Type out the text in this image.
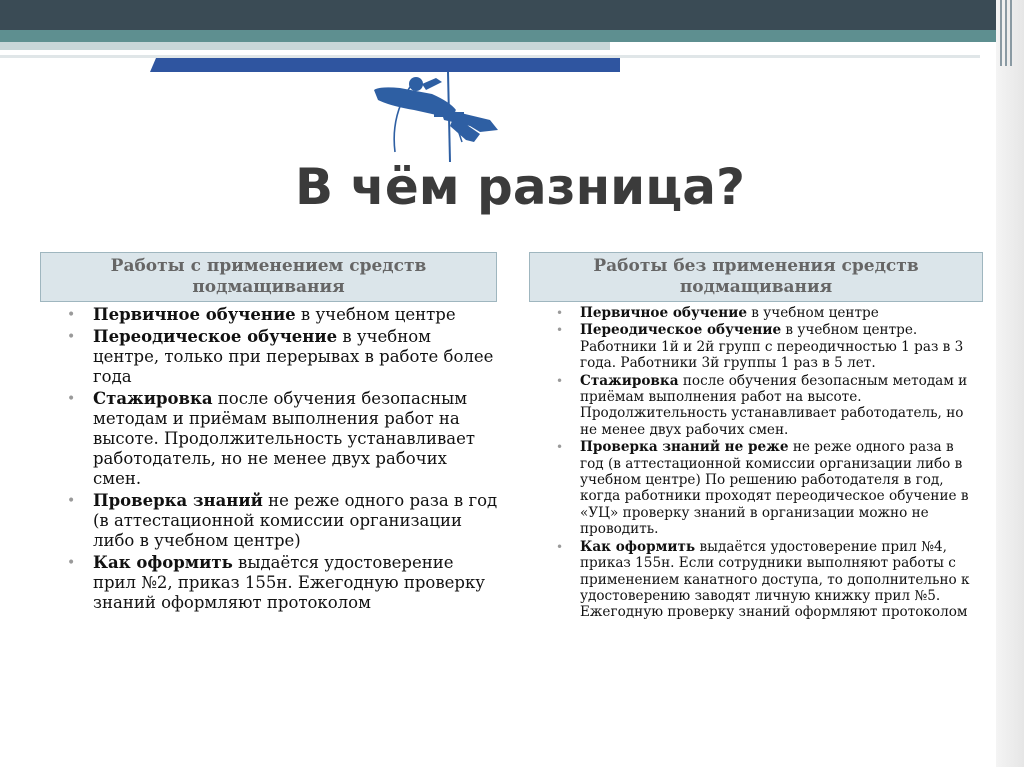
В чём разница?
Работы с применением средств подмащивания
Работы без применения средств подмащивания
• Первичное обучение в учебном центре
• Переодическое обучение в учебном центре, только при перерывах в работе более года
• Стажировка после обучения безопасным методам и приёмам выполнения работ на высоте. Продолжительность устанавливает работодатель, но не менее двух рабочих смен.
• Проверка знаний не реже одного раза в год (в аттестационной комиссии организации либо в учебном центре)
• Как оформить выдаётся удостоверение прил №2, приказ 155н. Ежегодную проверку знаний оформляют протоколом
• Первичное обучение в учебном центре
• Переодическое обучение в учебном центре. Работники 1й и 2й групп с переодичностью 1 раз в 3 года. Работники 3й группы 1 раз в 5 лет.
• Стажировка после обучения безопасным методам и приёмам выполнения работ на высоте. Продолжительность устанавливает работодатель, но не менее двух рабочих смен.
• Проверка знаний не реже не реже одного раза в год (в аттестационной комиссии организации либо в учебном центре) По решению работодателя в год, когда работники проходят переодическое обучение в «УЦ» проверку знаний в организации можно не проводить.
• Как оформить выдаётся удостоверение прил №4, приказ 155н. Если сотрудники выполняют работы с применением канатного доступа, то дополнительно к удостоверению заводят личную книжку прил №5. Ежегодную проверку знаний оформляют протоколом
